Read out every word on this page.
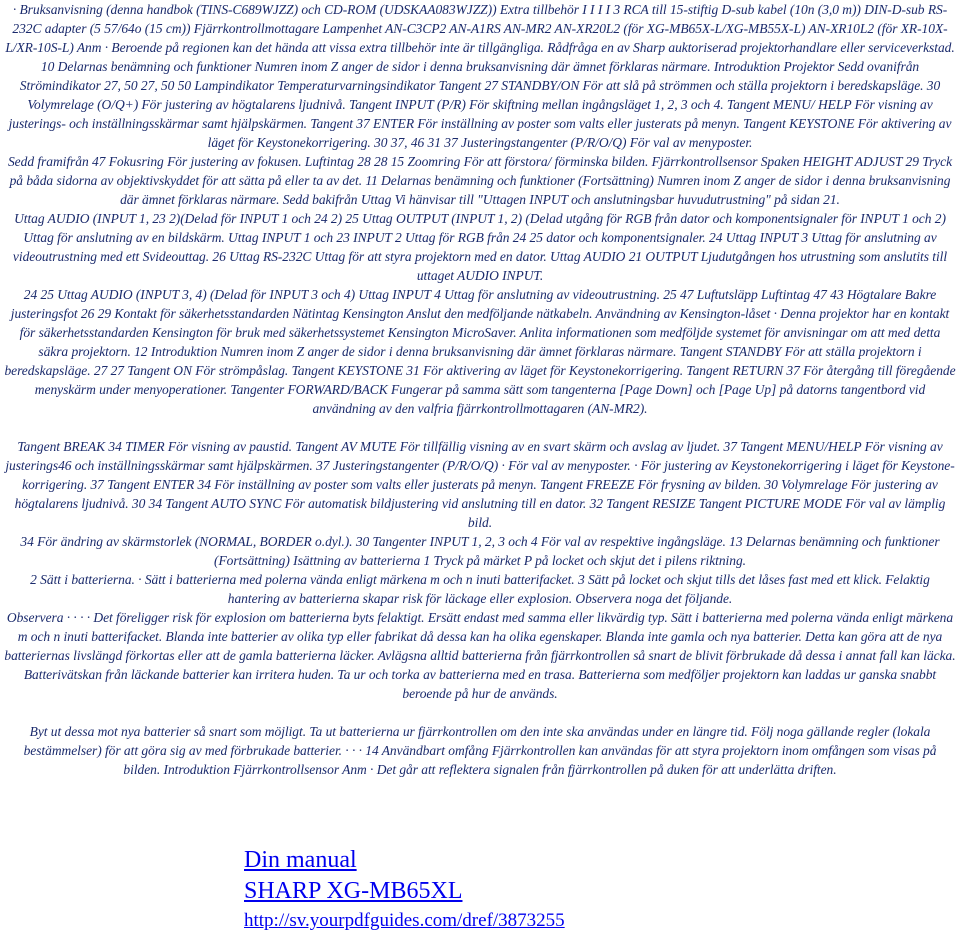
· Bruksanvisning (denna handbok (TINS-C689WJZZ) och CD-ROM (UDSKAA083WJZZ)) Extra tillbehör I I I I 3 RCA till 15-stiftig D-sub kabel (10n (3,0 m)) DIN-D-sub RS-232C adapter (5 57/64o (15 cm)) Fjärrkontrollmottagare Lampenhet AN-C3CP2 AN-A1RS AN-MR2 AN-XR20L2 (för XG-MB65X-L/XG-MB55X-L) AN-XR10L2 (för XR-10X-L/XR-10S-L) Anm · Beroende på regionen kan det hända att vissa extra tillbehör inte är tillgängliga. Rådfråga en av Sharp auktoriserad projektorhandlare eller serviceverkstad. 10 Delarnas benämning och funktioner Numren inom Z anger de sidor i denna bruksanvisning där ämnet förklaras närmare. Introduktion Projektor Sedd ovanifrån Strömindikator 27, 50 27, 50 50 Lampindikator Temperaturvarningsindikator Tangent 27 STANDBY/ON För att slå på strömmen och ställa projektorn i beredskapsläge. 30 Volymrelage (O/Q+) För justering av högtalarens ljudnivå. Tangent INPUT (P/R) För skiftning mellan ingångsläget 1, 2, 3 och 4. Tangent MENU/ HELP För visning av justerings- och inställningsskärmar samt hjälpskärmen. Tangent 37 ENTER För inställning av poster som valts eller justerats på menyn. Tangent KEYSTONE För aktivering av läget för Keystonekorrigering. 30 37, 46 31 37 Justeringstangenter (P/R/O/Q) För val av menyposter.

Sedd framifrån 47 Fokusring För justering av fokusen. Luftintag 28 28 15 Zoomring För att förstora/ förminska bilden. Fjärrkontrollsensor Spaken HEIGHT ADJUST 29 Tryck på båda sidorna av objektivskyddet för att sätta på eller ta av det. 11 Delarnas benämning och funktioner (Fortsättning) Numren inom Z anger de sidor i denna bruksanvisning där ämnet förklaras närmare. Sedd bakifrån Uttag Vi hänvisar till "Uttagen INPUT och anslutningsbar huvudutrustning" på sidan 21.

Uttag AUDIO (INPUT 1, 23 2)(Delad för INPUT 1 och 24 2) 25 Uttag OUTPUT (INPUT 1, 2) (Delad utgång för RGB från dator och komponentsignaler för INPUT 1 och 2) Uttag för anslutning av en bildskärm. Uttag INPUT 1 och 23 INPUT 2 Uttag för RGB från 24 25 dator och komponentsignaler. 24 Uttag INPUT 3 Uttag för anslutning av videoutrustning med ett Svideouttag. 26 Uttag RS-232C Uttag för att styra projektorn med en dator. Uttag AUDIO 21 OUTPUT Ljudutgången hos utrustning som anslutits till uttaget AUDIO INPUT.

24 25 Uttag AUDIO (INPUT 3, 4) (Delad för INPUT 3 och 4) Uttag INPUT 4 Uttag för anslutning av videoutrustning. 25 47 Luftutsläpp Luftintag 47 43 Högtalare Bakre justeringsfot 26 29 Kontakt för säkerhetsstandarden Nätintag Kensington Anslut den medföljande nätkabeln. Användning av Kensington-låset · Denna projektor har en kontakt för säkerhetsstandarden Kensington för bruk med säkerhetssystemet Kensington MicroSaver. Anlita informationen som medföljde systemet för anvisningar om att med detta säkra projektorn. 12 Introduktion Numren inom Z anger de sidor i denna bruksanvisning där ämnet förklaras närmare. Tangent STANDBY För att ställa projektorn i beredskapsläge. 27 27 Tangent ON För strömpåslag. Tangent KEYSTONE 31 För aktivering av läget för Keystonekorrigering. Tangent RETURN 37 För återgång till föregående menyskärm under menyoperationer. Tangenter FORWARD/BACK Fungerar på samma sätt som tangenterna [Page Down] och [Page Up] på datorns tangentbord vid användning av den valfria fjärrkontrollmottagaren (AN-MR2).

Tangent BREAK 34 TIMER För visning av paustid. Tangent AV MUTE För tillfällig visning av en svart skärm och avslag av ljudet. 37 Tangent MENU/HELP För visning av justerings46 och inställningsskärmar samt hjälpskärmen. 37 Justeringstangenter (P/R/O/Q) · För val av menyposter. · För justering av Keystonekorrigering i läget för Keystone-korrigering. 37 Tangent ENTER 34 För inställning av poster som valts eller justerats på menyn. Tangent FREEZE För frysning av bilden. 30 Volymrelage För justering av högtalarens ljudnivå. 30 34 Tangent AUTO SYNC För automatisk bildjustering vid anslutning till en dator. 32 Tangent RESIZE Tangent PICTURE MODE För val av lämplig bild.

34 För ändring av skärmstorlek (NORMAL, BORDER o.dyl.). 30 Tangenter INPUT 1, 2, 3 och 4 För val av respektive ingångsläge. 13 Delarnas benämning och funktioner (Fortsättning) Isättning av batterierna 1 Tryck på märket P på locket och skjut det i pilens riktning.

2 Sätt i batterierna. · Sätt i batterierna med polerna vända enligt märkena m och n inuti batterifacket. 3 Sätt på locket och skjut tills det låses fast med ett klick. Felaktig hantering av batterierna skapar risk för läckage eller explosion. Observera noga det följande.

Observera · · · · Det föreligger risk för explosion om batterierna byts felaktigt. Ersätt endast med samma eller likvärdig typ. Sätt i batterierna med polerna vända enligt märkena m och n inuti batterifacket. Blanda inte batterier av olika typ eller fabrikat då dessa kan ha olika egenskaper. Blanda inte gamla och nya batterier. Detta kan göra att de nya batteriernas livslängd förkortas eller att de gamla batterierna läcker. Avlägsna alltid batterierna från fjärrkontrollen så snart de blivit förbrukade då dessa i annat fall kan läcka. Batterivätskan från läckande batterier kan irritera huden. Ta ur och torka av batterierna med en trasa. Batterierna som medföljer projektorn kan laddas ur ganska snabbt beroende på hur de används.

Byt ut dessa mot nya batterier så snart som möjligt. Ta ut batterierna ur fjärrkontrollen om den inte ska användas under en längre tid. Följ noga gällande regler (lokala bestämmelser) för att göra sig av med förbrukade batterier. · · · 14 Användbart omfång Fjärrkontrollen kan användas för att styra projektorn inom omfången som visas på bilden. Introduktion Fjärrkontrollsensor Anm · Det går att reflektera signalen från fjärrkontrollen på duken för att underlätta driften.

Din manual
SHARP XG-MB65XL
http://sv.yourpdfguides.com/dref/3873255
